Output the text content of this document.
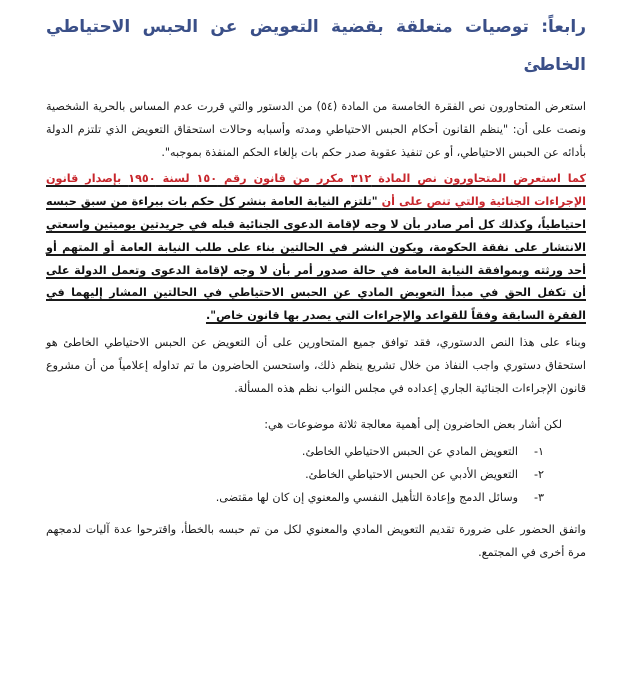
رابعاً: توصيات متعلقة بقضية التعويض عن الحبس الاحتياطي الخاطئ

استعرض المتحاورون نص الفقرة الخامسة من المادة (٥٤) من الدستور والتي قررت عدم المساس بالحرية الشخصية ونصت على أن: "ينظم القانون أحكام الحبس الاحتياطي ومدته وأسبابه وحالات استحقاق التعويض الذي تلتزم الدولة بأدائه عن الحبس الاحتياطي، أو عن تنفيذ عقوبة صدر حكم بات بإلغاء الحكم المنفذة بموجبه".

كما استعرض المتحاورون نص المادة ٣١٢ مكرر من قانون رقم ١٥٠ لسنة ١٩٥٠ بإصدار قانون الإجراءات الجنائية والتي تنص على أن "تلتزم النيابة العامة بنشر كل حكم بات ببراءة من سبق حبسه احتياطياً، وكذلك كل أمر صادر بأن لا وجه لإقامة الدعوى الجنائية قبله في جريدتين يوميتين واسعتي الانتشار على نفقة الحكومة، ويكون النشر في الحالتين بناء على طلب النيابة العامة أو المتهم أو أحد ورثته وبموافقة النيابة العامة في حالة صدور أمر بأن لا وجه لإقامة الدعوى وتعمل الدولة على أن تكفل الحق في مبدأ التعويض المادي عن الحبس الاحتياطي في الحالتين المشار إليهما في الفقرة السابقة وفقاً للقواعد والإجراءات التي يصدر بها قانون خاص".

وبناء على هذا النص الدستوري، فقد توافق جميع المتحاورين على أن التعويض عن الحبس الاحتياطي الخاطئ هو استحقاق دستوري واجب النفاذ من خلال تشريع ينظم ذلك، واستحسن الحاضرون ما تم تداوله إعلامياً من أن مشروع قانون الإجراءات الجنائية الجاري إعداده في مجلس النواب نظم هذه المسألة.

لكن أشار بعض الحاضرون إلى أهمية معالجة ثلاثة موضوعات هي:

١-
التعويض المادي عن الحبس الاحتياطي الخاطئ.
٢-
التعويض الأدبي عن الحبس الاحتياطي الخاطئ.
٣-
وسائل الدمج وإعادة التأهيل النفسي والمعنوي إن كان لها مقتضى.

واتفق الحضور على ضرورة تقديم التعويض المادي والمعنوي لكل من تم حبسه بالخطأ، واقترحوا عدة آليات لدمجهم مرة أخرى في المجتمع.
